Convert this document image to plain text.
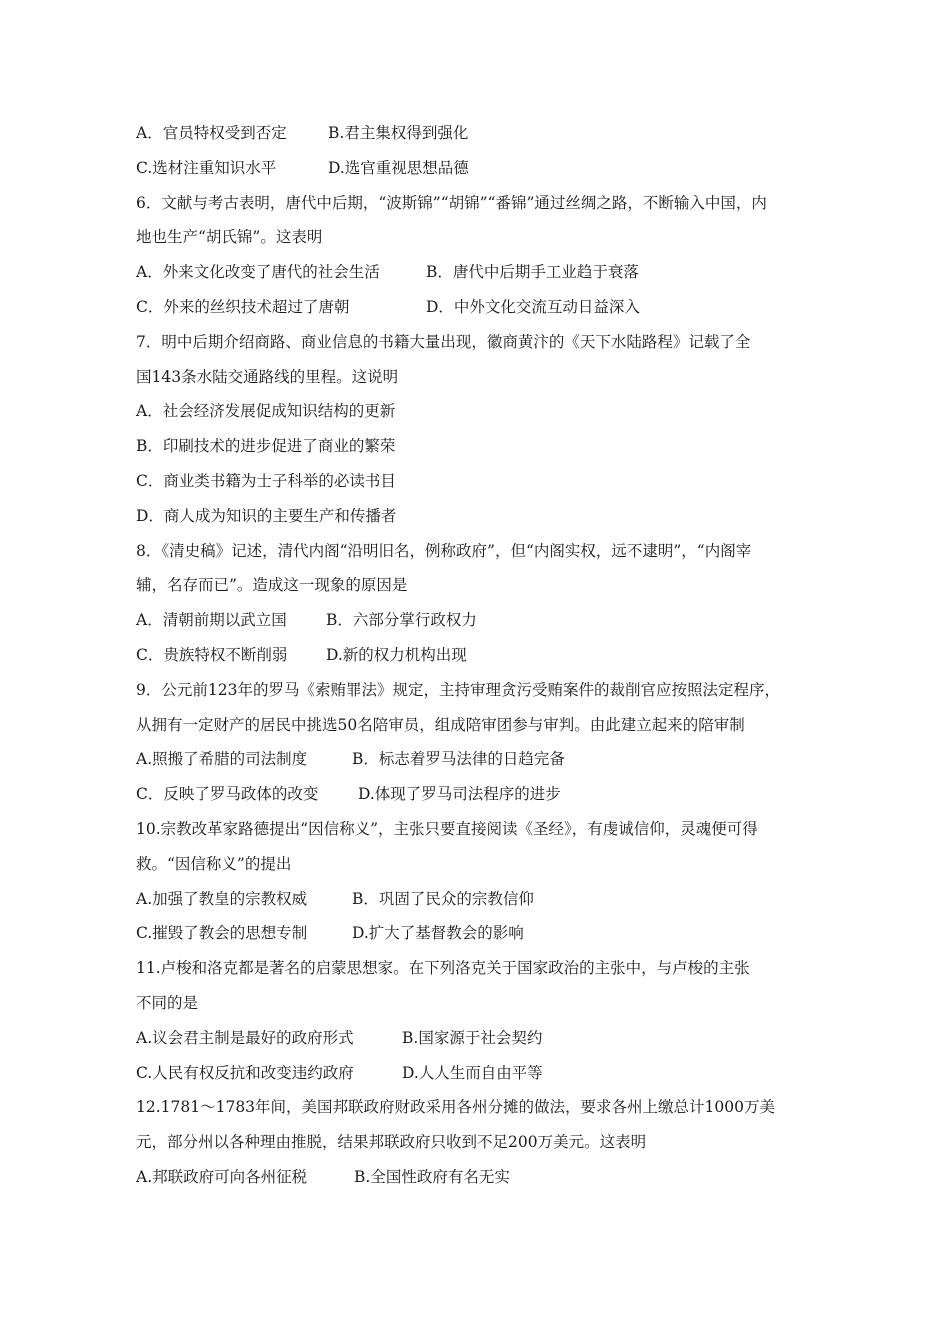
A．官员特权受到否定	B.君主集权得到强化
C.选材注重知识水平	D.选官重视思想品德
6．文献与考古表明，唐代中后期，“波斯锦”“胡锦”“番锦”通过丝绸之路，不断输入中国，内
地也生产“胡氏锦”。这表明
A．外来文化改变了唐代的社会生活	B．唐代中后期手工业趋于衰落
C．外来的丝织技术超过了唐朝	D．中外文化交流互动日益深入
7．明中后期介绍商路、商业信息的书籍大量出现，徽商黄汴的《天下水陆路程》记载了全
国143条水陆交通路线的里程。这说明
A．社会经济发展促成知识结构的更新
B．印刷技术的进步促进了商业的繁荣
C．商业类书籍为士子科举的必读书目
D．商人成为知识的主要生产和传播者
8．《清史稿》记述，清代内阁“沿明旧名，例称政府”，但“内阁实权，远不逮明”，“内阁宰
辅，名存而已”。造成这一现象的原因是
A．清朝前期以武立国	B．六部分掌行政权力
C．贵族特权不断削弱	D.新的权力机构出现
9．公元前123年的罗马《索贿罪法》规定，主持审理贪污受贿案件的裁削官应按照法定程序，
从拥有一定财产的居民中挑选50名陪审员，组成陪审团参与审判。由此建立起来的陪审制
A.照搬了希腊的司法制度	B．标志着罗马法律的日趋完备
C．反映了罗马政体的改变	D.体现了罗马司法程序的进步
10.宗教改革家路德提出“因信称义”，主张只要直接阅读《圣经》，有虔诚信仰，灵魂便可得
救。“因信称义”的提出
A.加强了教皇的宗教权威	B．巩固了民众的宗教信仰
C.摧毁了教会的思想专制	D.扩大了基督教会的影响
11.卢梭和洛克都是著名的启蒙思想家。在下列洛克关于国家政治的主张中，与卢梭的主张
不同的是
A.议会君主制是最好的政府形式	B.国家源于社会契约
C.人民有权反抗和改变违约政府	D.人人生而自由平等
12.1781～1783年间，美国邦联政府财政采用各州分摊的做法，要求各州上缴总计1000万美
元，部分州以各种理由推脱，结果邦联政府只收到不足200万美元。这表明
A.邦联政府可向各州征税	B.全国性政府有名无实
